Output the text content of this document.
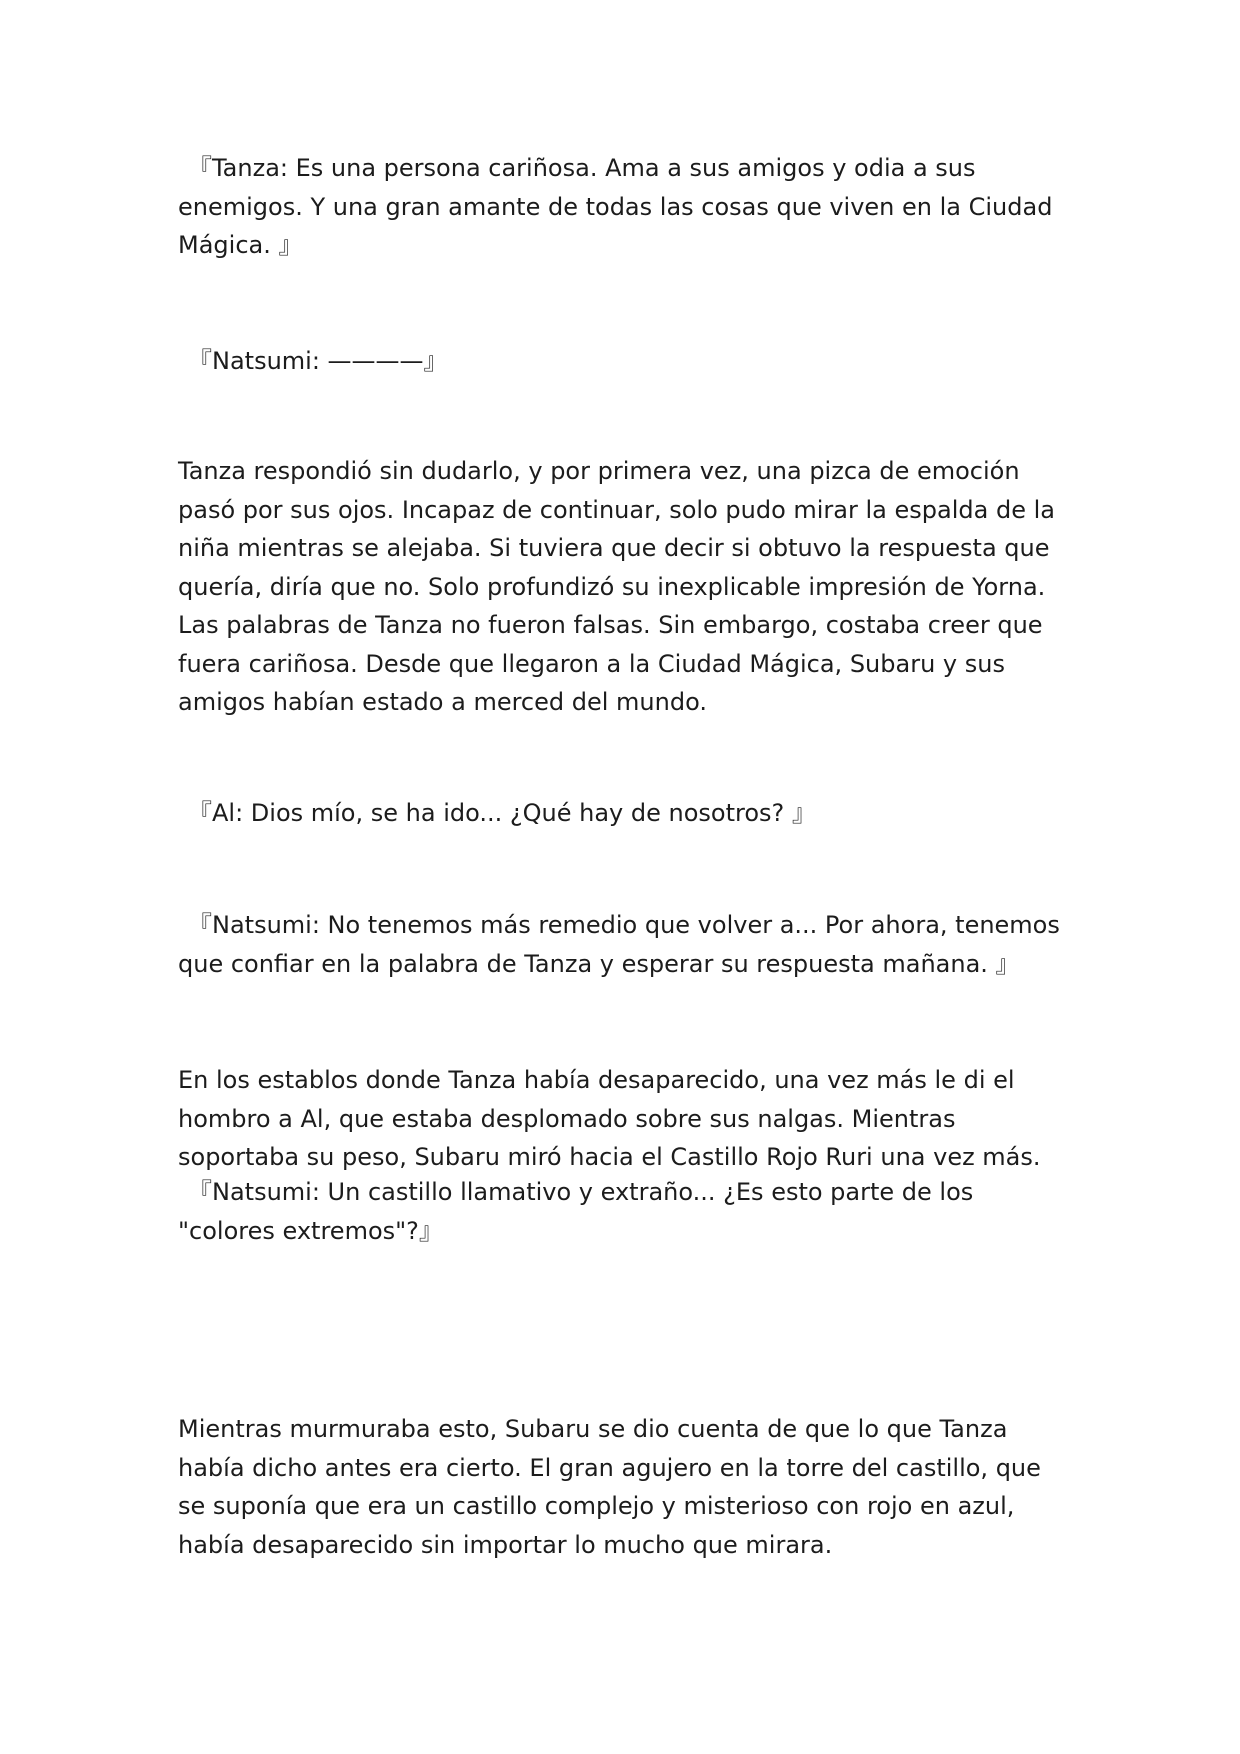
『Tanza: Es una persona cariñosa. Ama a sus amigos y odia a sus enemigos. Y una gran amante de todas las cosas que viven en la Ciudad Mágica. 』

『Natsumi: ————』

Tanza respondió sin dudarlo, y por primera vez, una pizca de emoción pasó por sus ojos. Incapaz de continuar, solo pudo mirar la espalda de la niña mientras se alejaba. Si tuviera que decir si obtuvo la respuesta que quería, diría que no. Solo profundizó su inexplicable impresión de Yorna. Las palabras de Tanza no fueron falsas. Sin embargo, costaba creer que fuera cariñosa. Desde que llegaron a la Ciudad Mágica, Subaru y sus amigos habían estado a merced del mundo.

『Al: Dios mío, se ha ido... ¿Qué hay de nosotros? 』

『Natsumi: No tenemos más remedio que volver a... Por ahora, tenemos que confiar en la palabra de Tanza y esperar su respuesta mañana. 』

En los establos donde Tanza había desaparecido, una vez más le di el hombro a Al, que estaba desplomado sobre sus nalgas. Mientras soportaba su peso, Subaru miró hacia el Castillo Rojo Ruri una vez más.

『Natsumi: Un castillo llamativo y extraño... ¿Es esto parte de los "colores extremos"?』

Mientras murmuraba esto, Subaru se dio cuenta de que lo que Tanza había dicho antes era cierto. El gran agujero en la torre del castillo, que se suponía que era un castillo complejo y misterioso con rojo en azul, había desaparecido sin importar lo mucho que mirara.
